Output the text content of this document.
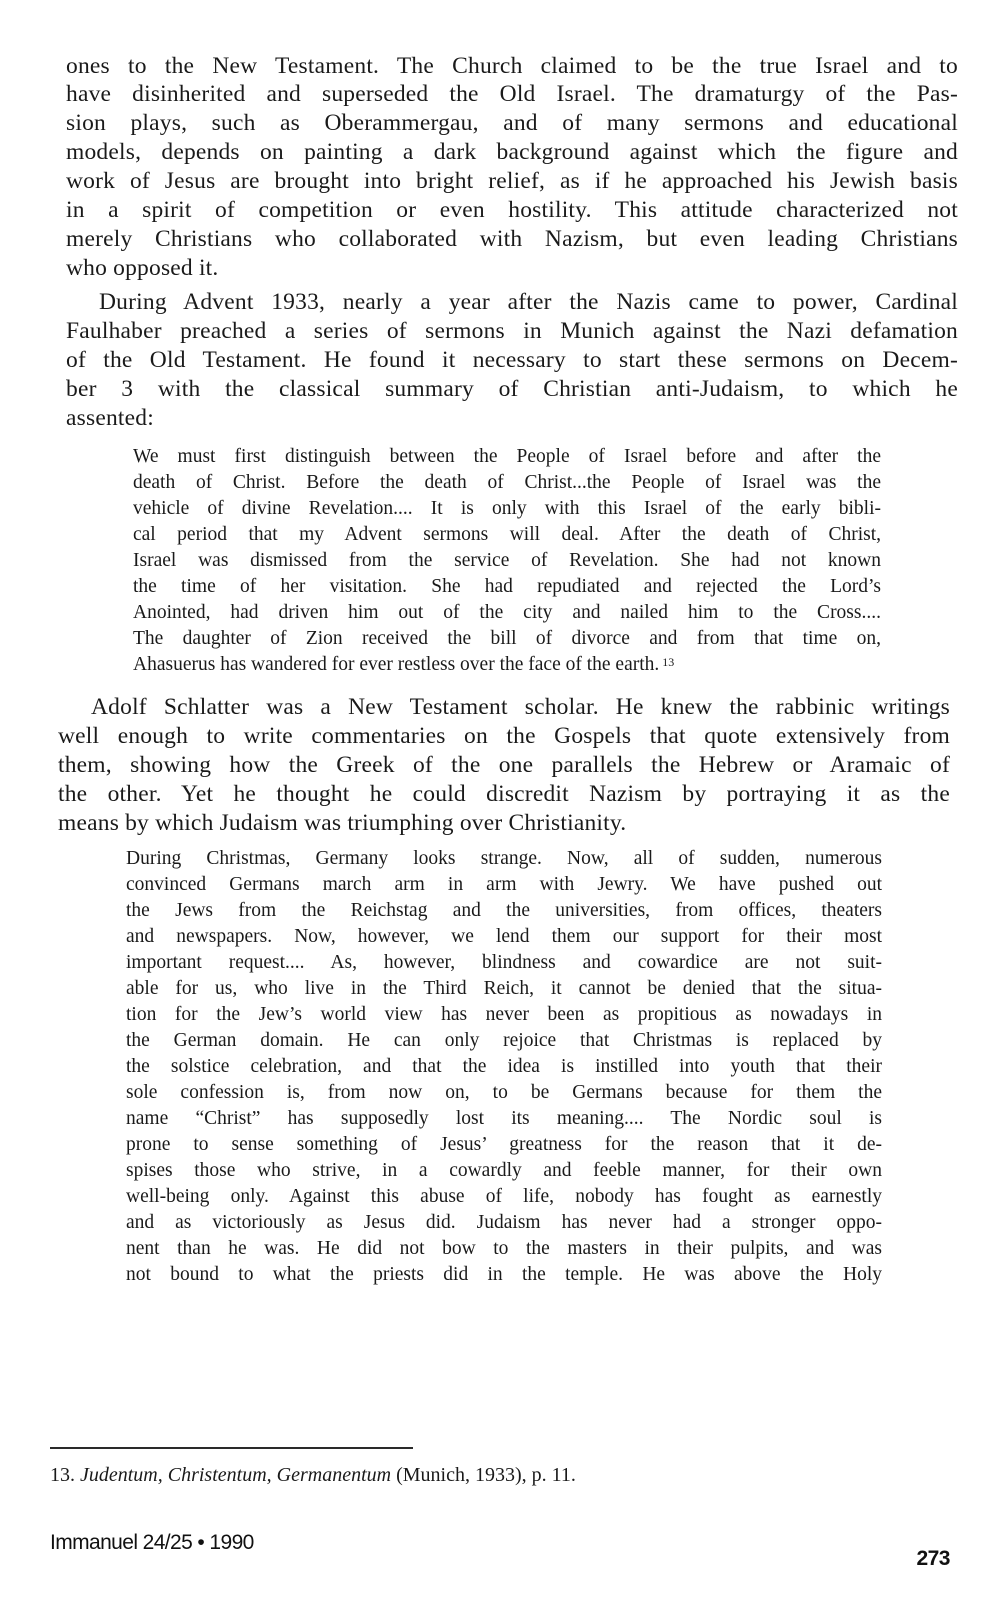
ones to the New Testament. The Church claimed to be the true Israel and to
have disinherited and superseded the Old Israel. The dramaturgy of the Pas-
sion plays, such as Oberammergau, and of many sermons and educational
models, depends on painting a dark background against which the figure and
work of Jesus are brought into bright relief, as if he approached his Jewish basis
in a spirit of competition or even hostility. This attitude characterized not
merely Christians who collaborated with Nazism, but even leading Christians
who opposed it.
During Advent 1933, nearly a year after the Nazis came to power, Cardinal
Faulhaber preached a series of sermons in Munich against the Nazi defamation
of the Old Testament. He found it necessary to start these sermons on Decem-
ber 3 with the classical summary of Christian anti-Judaism, to which he
assented:
We must first distinguish between the People of Israel before and after the
death of Christ. Before the death of Christ...the People of Israel was the
vehicle of divine Revelation.... It is only with this Israel of the early bibli-
cal period that my Advent sermons will deal. After the death of Christ,
Israel was dismissed from the service of Revelation. She had not known
the time of her visitation. She had repudiated and rejected the Lord’s
Anointed, had driven him out of the city and nailed him to the Cross....
The daughter of Zion received the bill of divorce and from that time on,
Ahasuerus has wandered for ever restless over the face of the earth. $^{13}$
Adolf Schlatter was a New Testament scholar. He knew the rabbinic writings
well enough to write commentaries on the Gospels that quote extensively from
them, showing how the Greek of the one parallels the Hebrew or Aramaic of
the other. Yet he thought he could discredit Nazism by portraying it as the
means by which Judaism was triumphing over Christianity.
During Christmas, Germany looks strange. Now, all of sudden, numerous
convinced Germans march arm in arm with Jewry. We have pushed out
the Jews from the Reichstag and the universities, from offices, theaters
and newspapers. Now, however, we lend them our support for their most
important request.... As, however, blindness and cowardice are not suit-
able for us, who live in the Third Reich, it cannot be denied that the situa-
tion for the Jew’s world view has never been as propitious as nowadays in
the German domain. He can only rejoice that Christmas is replaced by
the solstice celebration, and that the idea is instilled into youth that their
sole confession is, from now on, to be Germans because for them the
name “Christ” has supposedly lost its meaning.... The Nordic soul is
prone to sense something of Jesus’ greatness for the reason that it de-
spises those who strive, in a cowardly and feeble manner, for their own
well-being only. Against this abuse of life, nobody has fought as earnestly
and as victoriously as Jesus did. Judaism has never had a stronger oppo-
nent than he was. He did not bow to the masters in their pulpits, and was
not bound to what the priests did in the temple. He was above the Holy
13. Judentum, Christentum, Germanentum (Munich, 1933), p. 11.
Immanuel 24/25 • 1990
273
